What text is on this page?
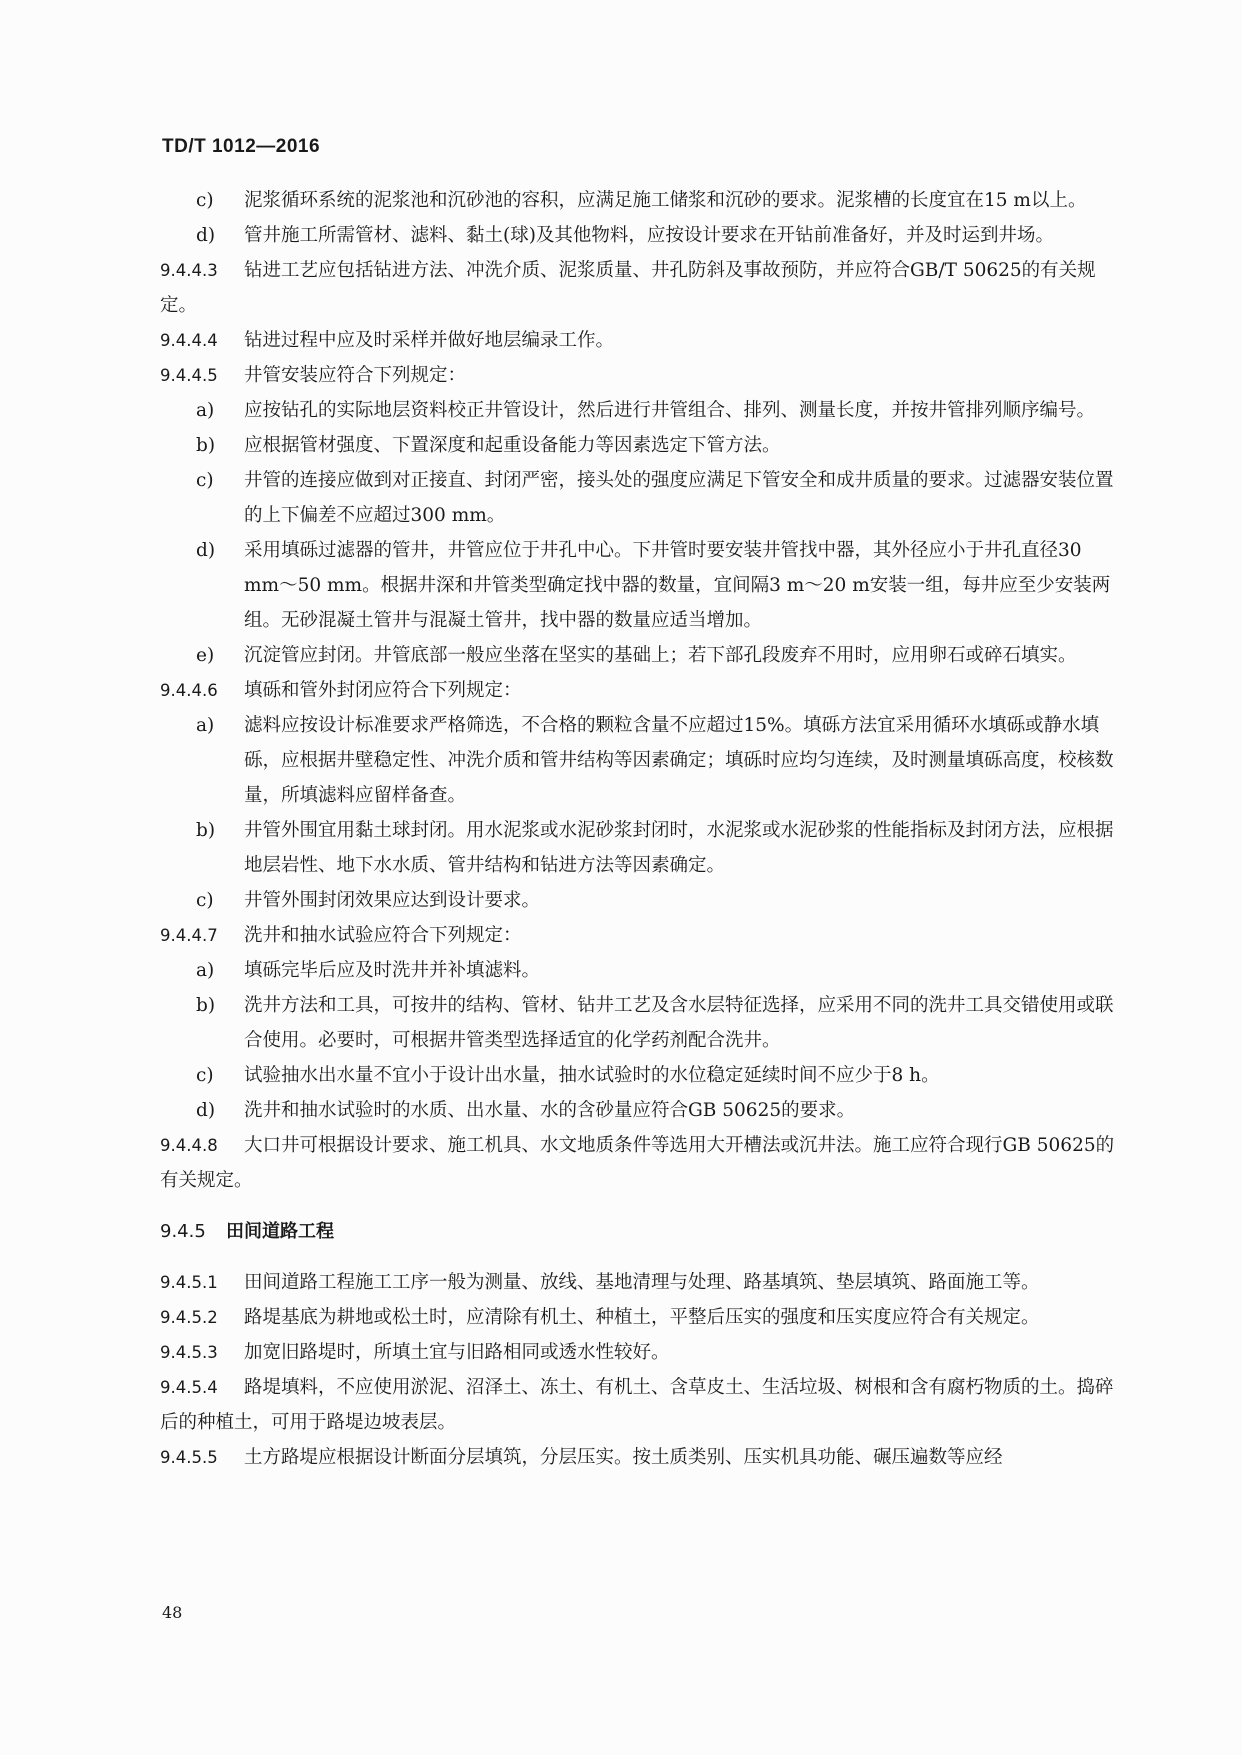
TD/T 1012—2016
c) 泥浆循环系统的泥浆池和沉砂池的容积，应满足施工储浆和沉砂的要求。泥浆槽的长度宜在15 m以上。
d) 管井施工所需管材、滤料、黏土(球)及其他物料，应按设计要求在开钻前准备好，并及时运到井场。
9.4.4.3 钻进工艺应包括钻进方法、冲洗介质、泥浆质量、井孔防斜及事故预防，并应符合GB/T 50625的有关规定。
9.4.4.4 钻进过程中应及时采样并做好地层编录工作。
9.4.4.5 井管安装应符合下列规定：
a) 应按钻孔的实际地层资料校正井管设计，然后进行井管组合、排列、测量长度，并按井管排列顺序编号。
b) 应根据管材强度、下置深度和起重设备能力等因素选定下管方法。
c) 井管的连接应做到对正接直、封闭严密，接头处的强度应满足下管安全和成井质量的要求。过滤器安装位置的上下偏差不应超过300 mm。
d) 采用填砾过滤器的管井，井管应位于井孔中心。下井管时要安装井管找中器，其外径应小于井孔直径30 mm～50 mm。根据井深和井管类型确定找中器的数量，宜间隔3 m～20 m安装一组，每井应至少安装两组。无砂混凝土管井与混凝土管井，找中器的数量应适当增加。
e) 沉淀管应封闭。井管底部一般应坐落在坚实的基础上；若下部孔段废弃不用时，应用卵石或碎石填实。
9.4.4.6 填砾和管外封闭应符合下列规定：
a) 滤料应按设计标准要求严格筛选，不合格的颗粒含量不应超过15%。填砾方法宜采用循环水填砾或静水填砾，应根据井壁稳定性、冲洗介质和管井结构等因素确定；填砾时应均匀连续，及时测量填砾高度，校核数量，所填滤料应留样备查。
b) 井管外围宜用黏土球封闭。用水泥浆或水泥砂浆封闭时，水泥浆或水泥砂浆的性能指标及封闭方法，应根据地层岩性、地下水水质、管井结构和钻进方法等因素确定。
c) 井管外围封闭效果应达到设计要求。
9.4.4.7 洗井和抽水试验应符合下列规定：
a) 填砾完毕后应及时洗井并补填滤料。
b) 洗井方法和工具，可按井的结构、管材、钻井工艺及含水层特征选择，应采用不同的洗井工具交错使用或联合使用。必要时，可根据井管类型选择适宜的化学药剂配合洗井。
c) 试验抽水出水量不宜小于设计出水量，抽水试验时的水位稳定延续时间不应少于8 h。
d) 洗井和抽水试验时的水质、出水量、水的含砂量应符合GB 50625的要求。
9.4.4.8 大口井可根据设计要求、施工机具、水文地质条件等选用大开槽法或沉井法。施工应符合现行GB 50625的有关规定。
9.4.5 田间道路工程
9.4.5.1 田间道路工程施工工序一般为测量、放线、基地清理与处理、路基填筑、垫层填筑、路面施工等。
9.4.5.2 路堤基底为耕地或松土时，应清除有机土、种植土，平整后压实的强度和压实度应符合有关规定。
9.4.5.3 加宽旧路堤时，所填土宜与旧路相同或透水性较好。
9.4.5.4 路堤填料，不应使用淤泥、沼泽土、冻土、有机土、含草皮土、生活垃圾、树根和含有腐朽物质的土。捣碎后的种植土，可用于路堤边坡表层。
9.4.5.5 土方路堤应根据设计断面分层填筑，分层压实。按土质类别、压实机具功能、碾压遍数等应经
48
